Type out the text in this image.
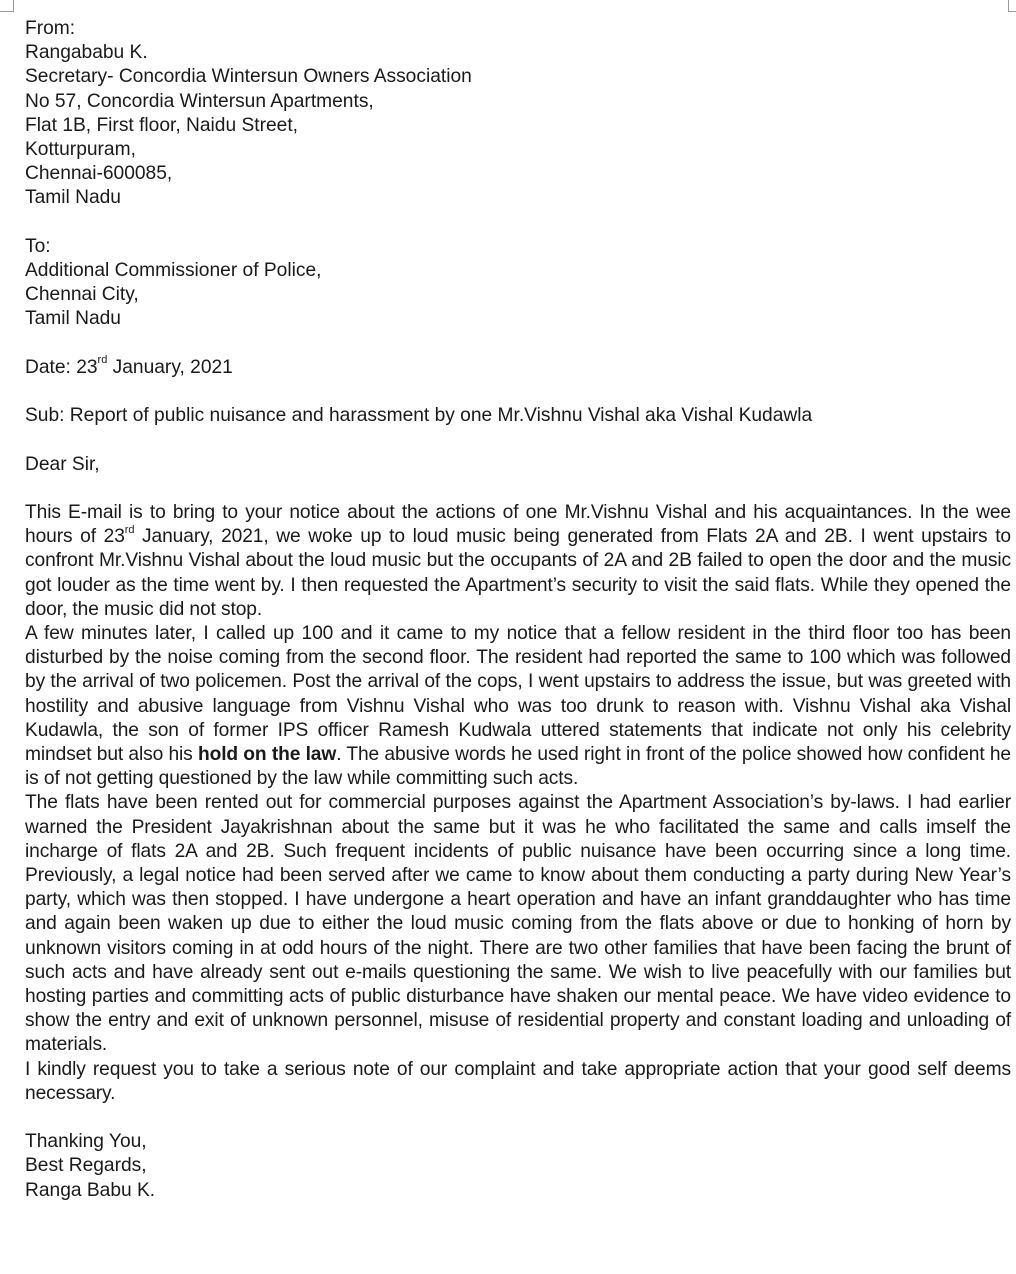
From:
Rangababu K.
Secretary- Concordia Wintersun Owners Association
No 57, Concordia Wintersun Apartments,
Flat 1B, First floor, Naidu Street,
Kotturpuram,
Chennai-600085,
Tamil Nadu
To:
Additional Commissioner of Police,
Chennai City,
Tamil Nadu
Date: 23rd January, 2021
Sub: Report of public nuisance and harassment by one Mr.Vishnu Vishal aka Vishal Kudawla
Dear Sir,

This E-mail is to bring to your notice about the actions of one Mr.Vishnu Vishal and his acquaintances. In the wee hours of 23rd January, 2021, we woke up to loud music being generated from Flats 2A and 2B. I went upstairs to confront Mr.Vishnu Vishal about the loud music but the occupants of 2A and 2B failed to open the door and the music got louder as the time went by. I then requested the Apartment’s security to visit the said flats. While they opened the door, the music did not stop.

A few minutes later, I called up 100 and it came to my notice that a fellow resident in the third floor too has been disturbed by the noise coming from the second floor. The resident had reported the same to 100 which was followed by the arrival of two policemen. Post the arrival of the cops, I went upstairs to address the issue, but was greeted with hostility and abusive language from Vishnu Vishal who was too drunk to reason with. Vishnu Vishal aka Vishal Kudawla, the son of former IPS officer Ramesh Kudwala uttered statements that indicate not only his celebrity mindset but also his hold on the law. The abusive words he used right in front of the police showed how confident he is of not getting questioned by the law while committing such acts.

The flats have been rented out for commercial purposes against the Apartment Association’s by-laws. I had earlier warned the President Jayakrishnan about the same but it was he who facilitated the same and calls imself the incharge of flats 2A and 2B. Such frequent incidents of public nuisance have been occurring since a long time. Previously, a legal notice had been served after we came to know about them conducting a party during New Year’s party, which was then stopped. I have undergone a heart operation and have an infant granddaughter who has time and again been waken up due to either the loud music coming from the flats above or due to honking of horn by unknown visitors coming in at odd hours of the night. There are two other families that have been facing the brunt of such acts and have already sent out e-mails questioning the same. We wish to live peacefully with our families but hosting parties and committing acts of public disturbance have shaken our mental peace. We have video evidence to show the entry and exit of unknown personnel, misuse of residential property and constant loading and unloading of materials.

I kindly request you to take a serious note of our complaint and take appropriate action that your good self deems necessary.

Thanking You,
Best Regards,
Ranga Babu K.
